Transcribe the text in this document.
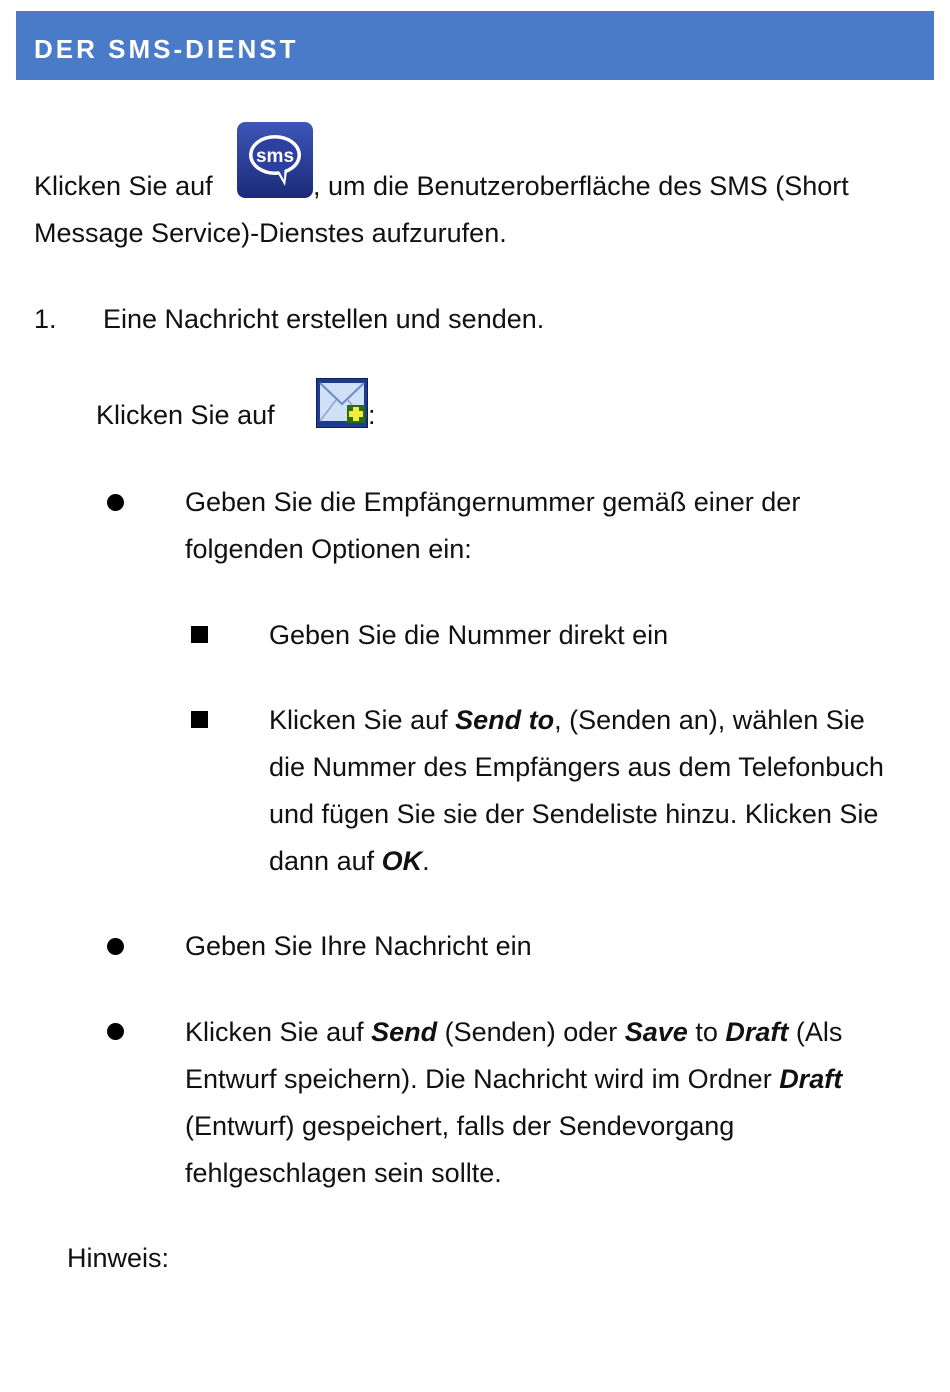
DER SMS-DIENST
Klicken Sie auf
sms
, um die Benutzeroberfläche des SMS (Short
Message Service)-Dienstes aufzurufen.
1. Eine Nachricht erstellen und senden.
Klicken Sie auf	:
Geben Sie die Empfängernummer gemäß einer der
folgenden Optionen ein:
Geben Sie die Nummer direkt ein
Klicken Sie auf Send to, (Senden an), wählen Sie
die Nummer des Empfängers aus dem Telefonbuch
und fügen Sie sie der Sendeliste hinzu. Klicken Sie
dann auf OK.
Geben Sie Ihre Nachricht ein
Klicken Sie auf Send (Senden) oder Save to Draft (Als
Entwurf speichern). Die Nachricht wird im Ordner Draft
(Entwurf) gespeichert, falls der Sendevorgang
fehlgeschlagen sein sollte.
Hinweis:
